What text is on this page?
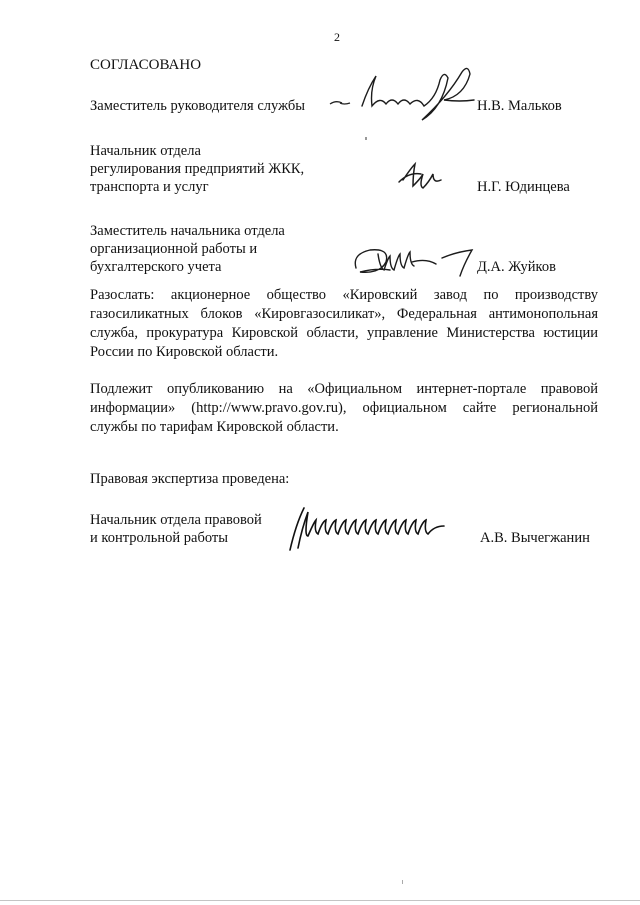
2
СОГЛАСОВАНО
Заместитель руководителя службы	Н.В. Мальков
Начальник отдела
регулирования предприятий ЖКК,
транспорта и услуг	Н.Г. Юдинцева
Заместитель начальника отдела
организационной работы и
бухгалтерского учета	Д.А. Жуйков

Разослать: акционерное общество «Кировский завод по производству газосиликатных блоков «Кировгазосиликат», Федеральная антимонопольная служба, прокуратура Кировской области, управление Министерства юстиции России по Кировской области.

Подлежит опубликованию на «Официальном интернет-портале правовой информации» (http://www.pravo.gov.ru), официальном сайте региональной службы по тарифам Кировской области.

Правовая экспертиза проведена:
Начальник отдела правовой
и контрольной работы	А.В. Вычегжанин
